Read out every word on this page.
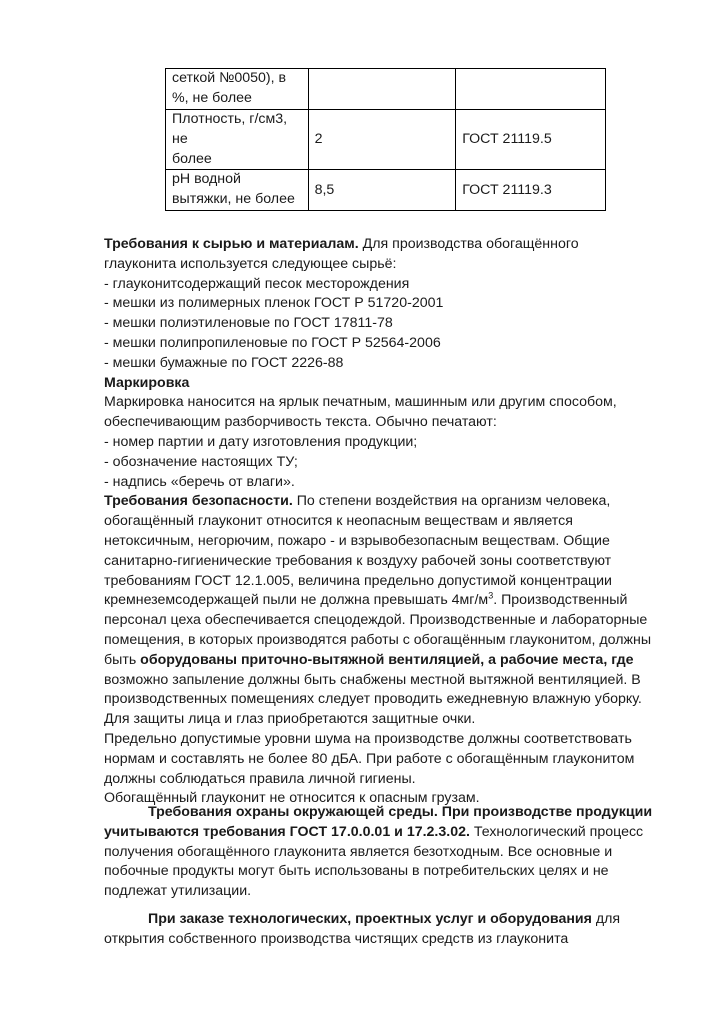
сеткой №0050), в
%, не более		

Плотность, г/см3,
не
более	2	ГОСТ 21119.5

pH водной
вытяжки, не более	8,5	ГОСТ 21119.3
Требования к сырью и материалам. Для производства обогащённого
глауконита используется следующее сырьё:
- глауконитсодержащий песок месторождения
- мешки из полимерных пленок ГОСТ Р 51720-2001
- мешки полиэтиленовые по ГОСТ 17811-78
- мешки полипропиленовые по ГОСТ Р 52564-2006
- мешки бумажные по ГОСТ 2226-88
Маркировка
Маркировка наносится на ярлык печатным, машинным или другим способом,
обеспечивающим разборчивость текста. Обычно печатают:
- номер партии и дату изготовления продукции;
- обозначение настоящих ТУ;
- надпись «беречь от влаги».
Требования безопасности. По степени воздействия на организм человека,
обогащённый глауконит относится к неопасным веществам и является
нетоксичным, негорючим, пожаро - и взрывобезопасным веществам. Общие
санитарно-гигиенические требования к воздуху рабочей зоны соответствуют
требованиям ГОСТ 12.1.005, величина предельно допустимой концентрации
кремнеземсодержащей пыли не должна превышать $4мг/м^3$. Производственный
персонал цеха обеспечивается спецодеждой. Производственные и лабораторные
помещения, в которых производятся работы с обогащённым глауконитом, должны
быть оборудованы приточно-вытяжной вентиляцией, а рабочие места, где
возможно запыление должны быть снабжены местной вытяжной вентиляцией. В
производственных помещениях следует проводить ежедневную влажную уборку.
Для защиты лица и глаз приобретаются защитные очки.
Предельно допустимые уровни шума на производстве должны соответствовать
нормам и составлять не более 80 дБА. При работе с обогащённым глауконитом
должны соблюдаться правила личной гигиены.
Обогащённый глауконит не относится к опасным грузам.
Требования охраны окружающей среды. При производстве продукции
учитываются требования ГОСТ 17.0.0.01 и 17.2.3.02. Технологический процесс
получения обогащённого глауконита является безотходным. Все основные и
побочные продукты могут быть использованы в потребительских целях и не
подлежат утилизации.
При заказе технологических, проектных услуг и оборудования для
открытия собственного производства чистящих средств из глауконита
